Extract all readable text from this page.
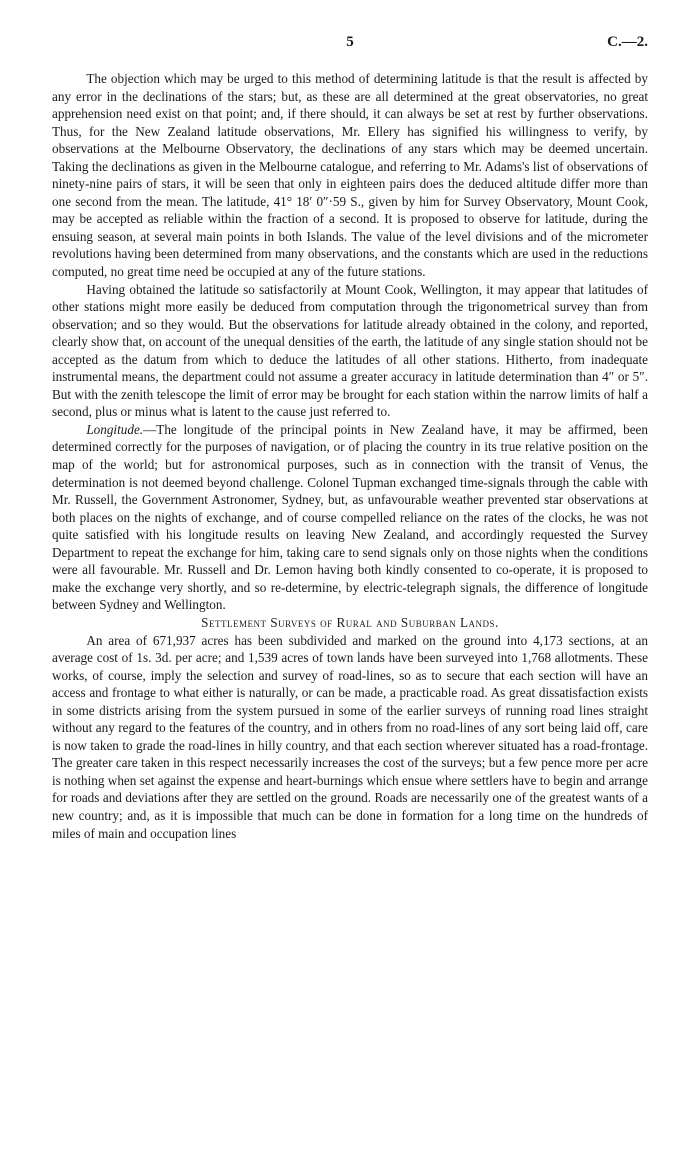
5	C.—2.

The objection which may be urged to this method of determining latitude is that the result is affected by any error in the declinations of the stars; but, as these are all determined at the great observatories, no great apprehension need exist on that point; and, if there should, it can always be set at rest by further observations. Thus, for the New Zealand latitude observations, Mr. Ellery has signified his willingness to verify, by observations at the Melbourne Observatory, the declinations of any stars which may be deemed uncertain. Taking the declinations as given in the Melbourne catalogue, and referring to Mr. Adams's list of observations of ninety-nine pairs of stars, it will be seen that only in eighteen pairs does the deduced altitude differ more than one second from the mean. The latitude, 41° 18′ 0″·59 S., given by him for Survey Observatory, Mount Cook, may be accepted as reliable within the fraction of a second. It is proposed to observe for latitude, during the ensuing season, at several main points in both Islands. The value of the level divisions and of the micrometer revolutions having been determined from many observations, and the constants which are used in the reductions computed, no great time need be occupied at any of the future stations.

Having obtained the latitude so satisfactorily at Mount Cook, Wellington, it may appear that latitudes of other stations might more easily be deduced from computation through the trigonometrical survey than from observation; and so they would. But the observations for latitude already obtained in the colony, and reported, clearly show that, on account of the unequal densities of the earth, the latitude of any single station should not be accepted as the datum from which to deduce the latitudes of all other stations. Hitherto, from inadequate instrumental means, the department could not assume a greater accuracy in latitude determination than 4″ or 5″. But with the zenith telescope the limit of error may be brought for each station within the narrow limits of half a second, plus or minus what is latent to the cause just referred to.

Longitude.—The longitude of the principal points in New Zealand have, it may be affirmed, been determined correctly for the purposes of navigation, or of placing the country in its true relative position on the map of the world; but for astronomical purposes, such as in connection with the transit of Venus, the determination is not deemed beyond challenge. Colonel Tupman exchanged time-signals through the cable with Mr. Russell, the Government Astronomer, Sydney, but, as unfavourable weather prevented star observations at both places on the nights of exchange, and of course compelled reliance on the rates of the clocks, he was not quite satisfied with his longitude results on leaving New Zealand, and accordingly requested the Survey Department to repeat the exchange for him, taking care to send signals only on those nights when the conditions were all favourable. Mr. Russell and Dr. Lemon having both kindly consented to co-operate, it is proposed to make the exchange very shortly, and so re-determine, by electric-telegraph signals, the difference of longitude between Sydney and Wellington.

Settlement Surveys of Rural and Suburban Lands.

An area of 671,937 acres has been subdivided and marked on the ground into 4,173 sections, at an average cost of 1s. 3d. per acre; and 1,539 acres of town lands have been surveyed into 1,768 allotments. These works, of course, imply the selection and survey of road-lines, so as to secure that each section will have an access and frontage to what either is naturally, or can be made, a practicable road. As great dissatisfaction exists in some districts arising from the system pursued in some of the earlier surveys of running road lines straight without any regard to the features of the country, and in others from no road-lines of any sort being laid off, care is now taken to grade the road-lines in hilly country, and that each section wherever situated has a road-frontage. The greater care taken in this respect necessarily increases the cost of the surveys; but a few pence more per acre is nothing when set against the expense and heart-burnings which ensue where settlers have to begin and arrange for roads and deviations after they are settled on the ground. Roads are necessarily one of the greatest wants of a new country; and, as it is impossible that much can be done in formation for a long time on the hundreds of miles of main and occupation lines
